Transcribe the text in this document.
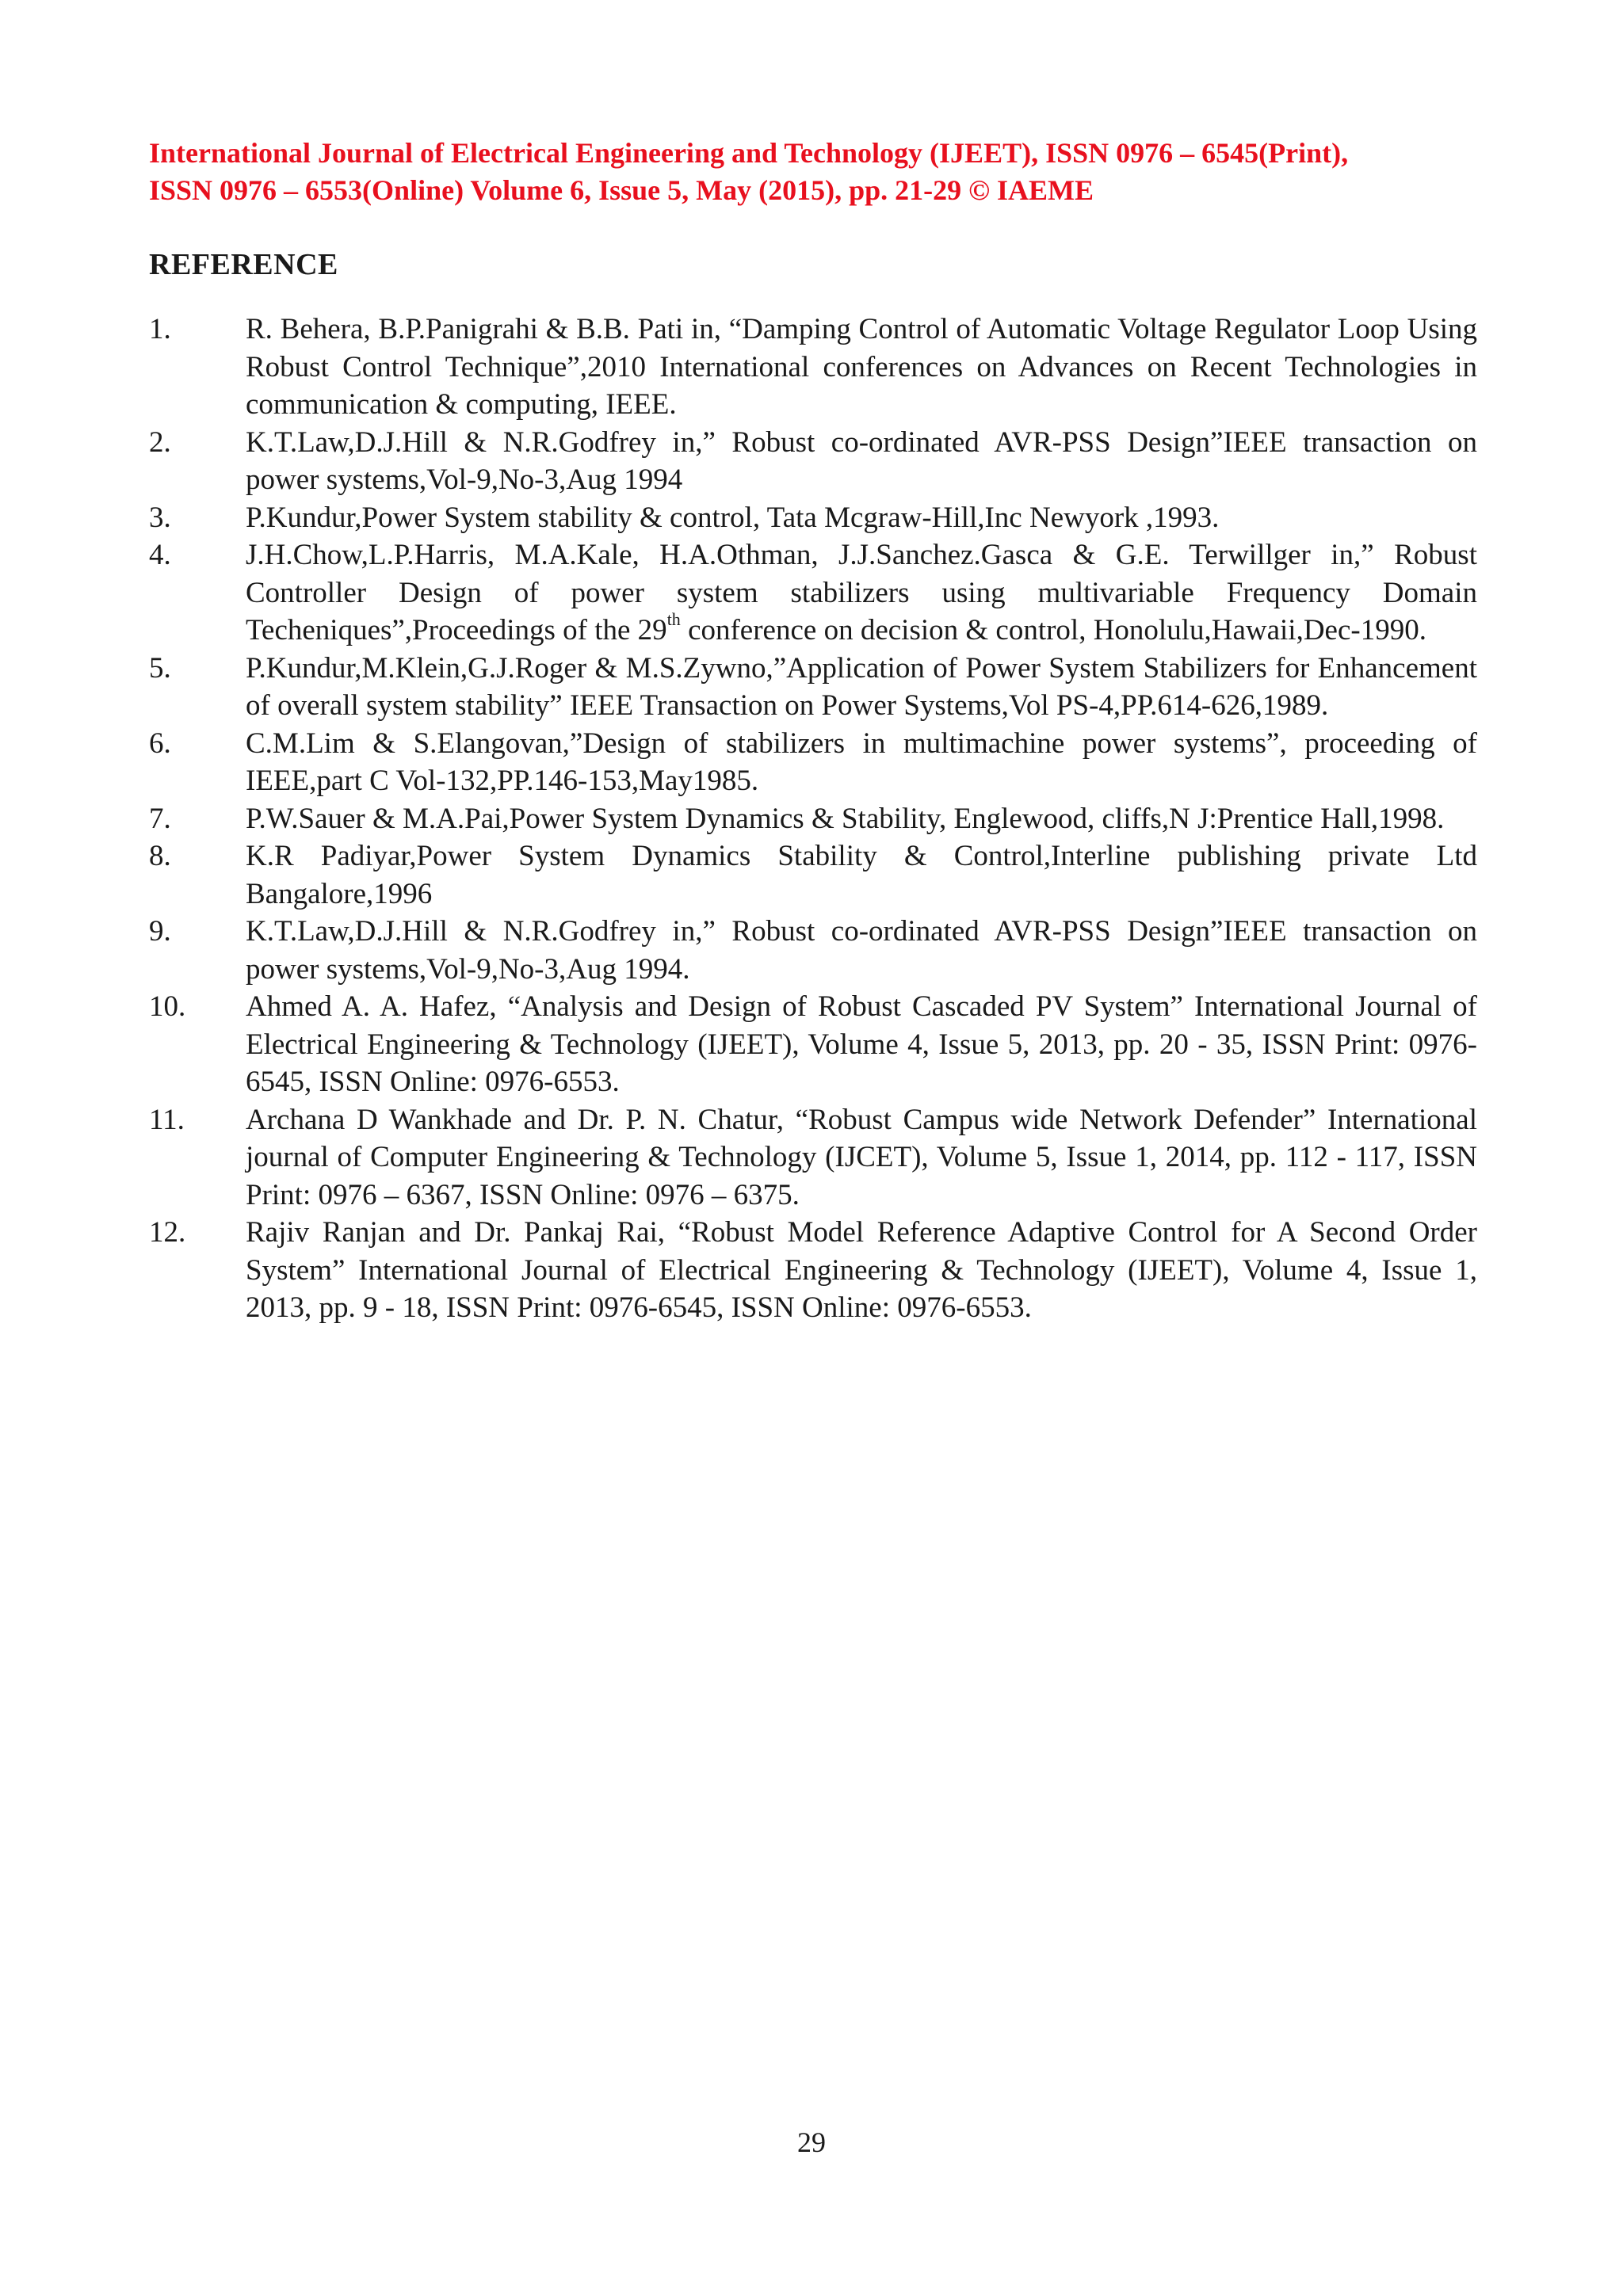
International Journal of Electrical Engineering and Technology (IJEET), ISSN 0976 – 6545(Print),
ISSN 0976 – 6553(Online) Volume 6, Issue 5, May (2015), pp. 21-29 © IAEME

REFERENCE
1.	R. Behera, B.P.Panigrahi & B.B. Pati in, “Damping Control of Automatic Voltage Regulator Loop Using Robust Control Technique”,2010 International conferences on Advances on Recent Technologies in communication & computing, IEEE.
2.	K.T.Law,D.J.Hill & N.R.Godfrey in,” Robust co-ordinated AVR-PSS Design”IEEE transaction on power systems,Vol-9,No-3,Aug 1994
3.	P.Kundur,Power System stability & control, Tata Mcgraw-Hill,Inc Newyork ,1993.
4.	J.H.Chow,L.P.Harris, M.A.Kale, H.A.Othman, J.J.Sanchez.Gasca & G.E. Terwillger in,” Robust Controller Design of power system stabilizers using multivariable Frequency Domain Techeniques”,Proceedings of the 29th conference on decision & control, Honolulu,Hawaii,Dec-1990.
5.	P.Kundur,M.Klein,G.J.Roger & M.S.Zywno,”Application of Power System Stabilizers for Enhancement of overall system stability” IEEE Transaction on Power Systems,Vol PS-4,PP.614-626,1989.
6.	C.M.Lim & S.Elangovan,”Design of stabilizers in multimachine power systems”, proceeding of IEEE,part C Vol-132,PP.146-153,May1985.
7.	P.W.Sauer & M.A.Pai,Power System Dynamics & Stability, Englewood, cliffs,N J:Prentice Hall,1998.
8.	K.R Padiyar,Power System Dynamics Stability & Control,Interline publishing private Ltd Bangalore,1996
9.	K.T.Law,D.J.Hill & N.R.Godfrey in,” Robust co-ordinated AVR-PSS Design”IEEE transaction on power systems,Vol-9,No-3,Aug 1994.
10.	Ahmed A. A. Hafez, “Analysis and Design of Robust Cascaded PV System” International Journal of Electrical Engineering & Technology (IJEET), Volume 4, Issue 5, 2013, pp. 20 - 35, ISSN Print: 0976-6545, ISSN Online: 0976-6553.
11.	Archana D Wankhade and Dr. P. N. Chatur, “Robust Campus wide Network Defender” International journal of Computer Engineering & Technology (IJCET), Volume 5, Issue 1, 2014, pp. 112 - 117, ISSN Print: 0976 – 6367, ISSN Online: 0976 – 6375.
12.	Rajiv Ranjan and Dr. Pankaj Rai, “Robust Model Reference Adaptive Control for A Second Order System” International Journal of Electrical Engineering & Technology (IJEET), Volume 4, Issue 1, 2013, pp. 9 - 18, ISSN Print: 0976-6545, ISSN Online: 0976-6553.
29
